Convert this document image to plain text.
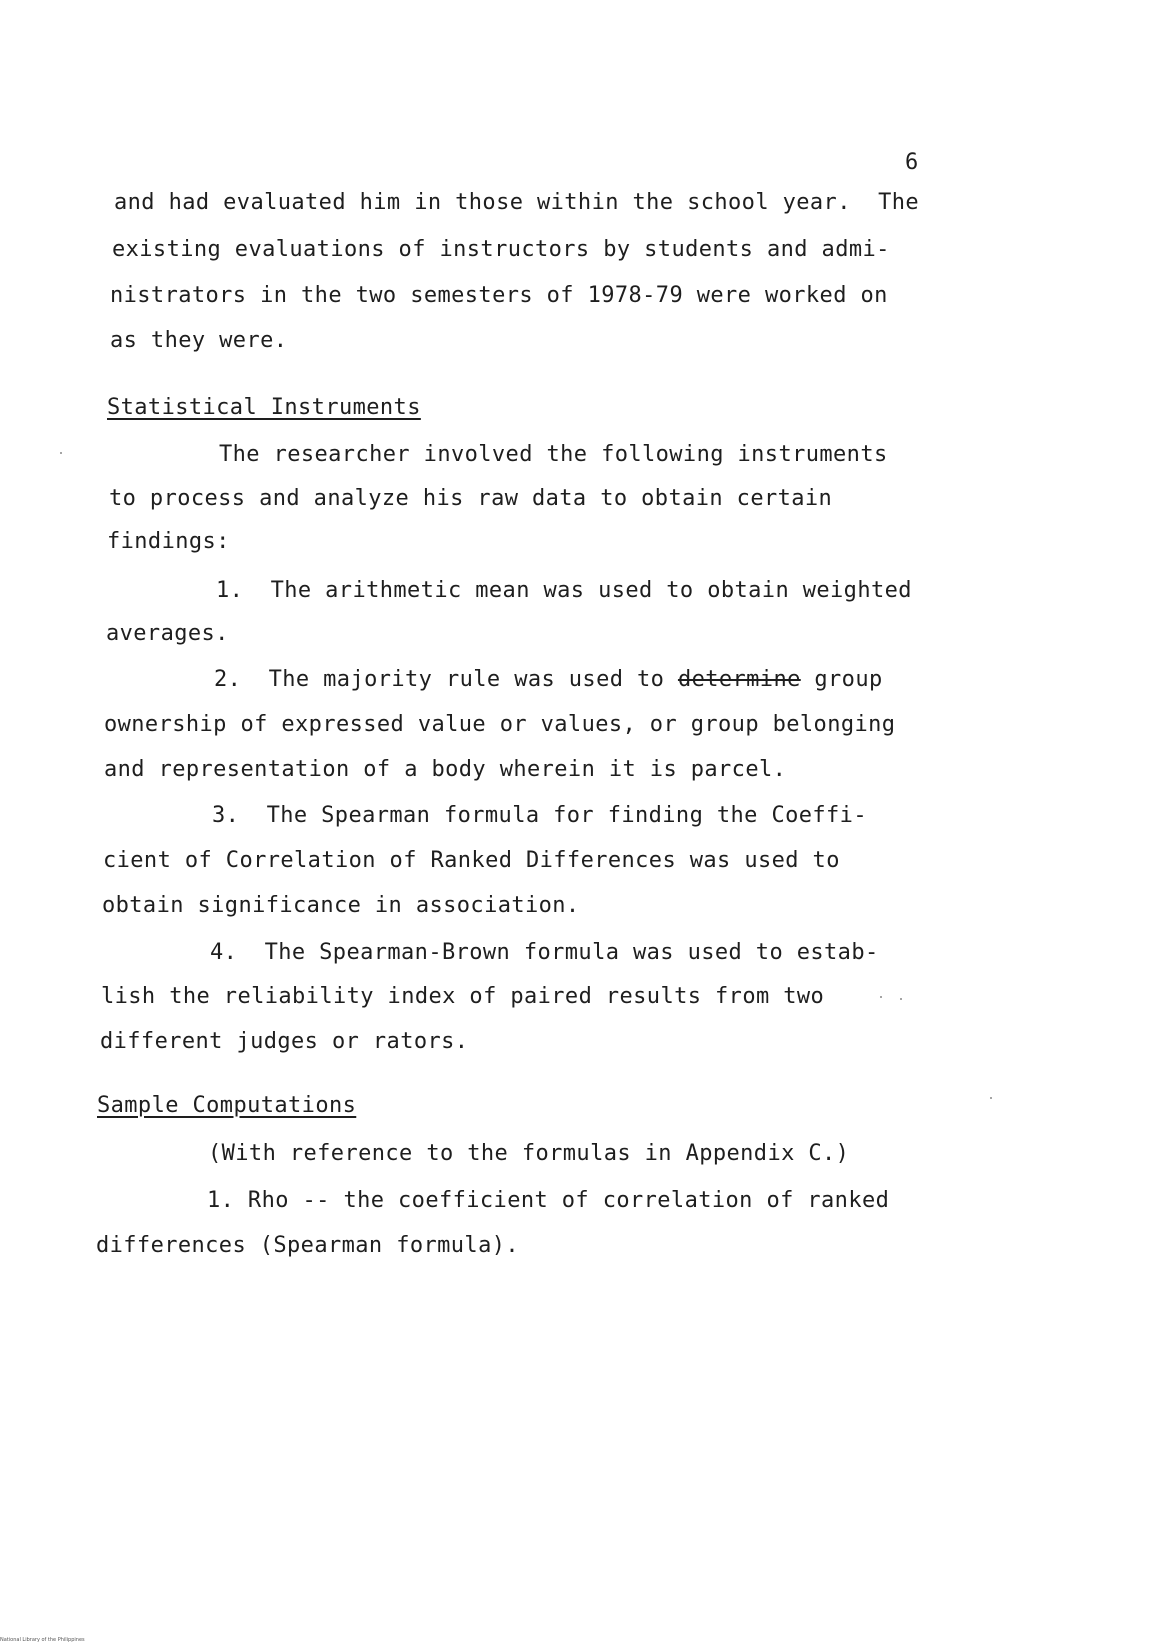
6
and had evaluated him in those within the school year.  The
existing evaluations of instructors by students and admi-
nistrators in the two semesters of 1978-79 were worked on
as they were.
Statistical Instruments
The researcher involved the following instruments
to process and analyze his raw data to obtain certain
findings:
1.  The arithmetic mean was used to obtain weighted
averages.
2.  The majority rule was used to determine group
ownership of expressed value or values, or group belonging
and representation of a body wherein it is parcel.
3.  The Spearman formula for finding the Coeffi-
cient of Correlation of Ranked Differences was used to
obtain significance in association.
4.  The Spearman-Brown formula was used to estab-
lish the reliability index of paired results from two
different judges or rators.
Sample Computations
(With reference to the formulas in Appendix C.)
1. Rho -- the coefficient of correlation of ranked
differences (Spearman formula).
National Library of the Philippines
